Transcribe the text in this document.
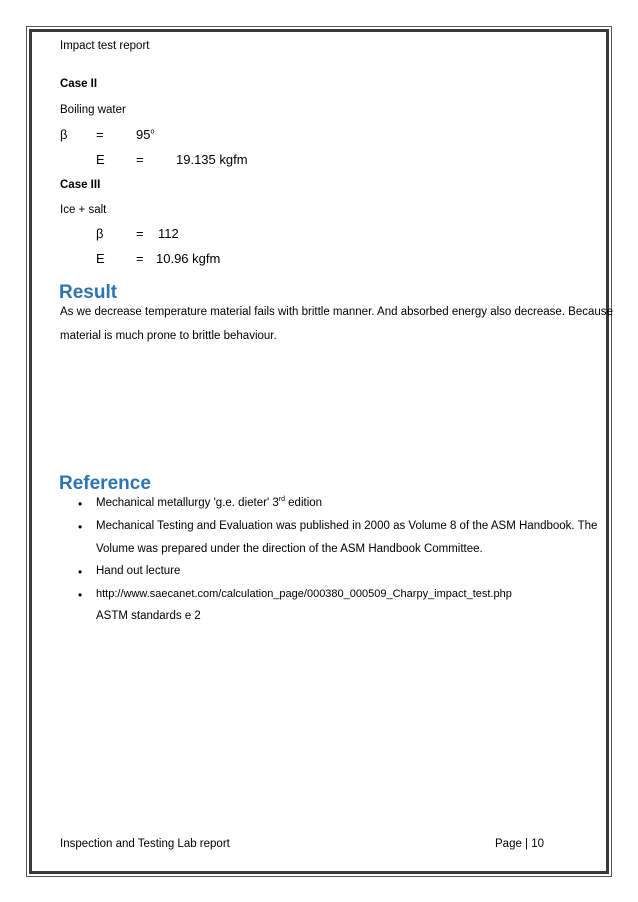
Impact test report
Case II
Boiling water
$\beta = 95^o$
E = 19.135 kgfm
Case III
Ice + salt
β	= 112
E = 10.96 kgfm
Result
As we decrease temperature material fails with brittle manner. And absorbed energy also decrease. Because
material is much prone to brittle behaviour.
Reference
• Mechanical metallurgy 'g.e. dieter' 3rd edition
• Mechanical Testing and Evaluation was published in 2000 as Volume 8 of the ASM Handbook. The
Volume was prepared under the direction of the ASM Handbook Committee.
• Hand out lecture
• http://www.saecanet.com/calculation_page/000380_000509_Charpy_impact_test.php
ASTM standards e 2
Inspection and Testing Lab report	Page | 10
